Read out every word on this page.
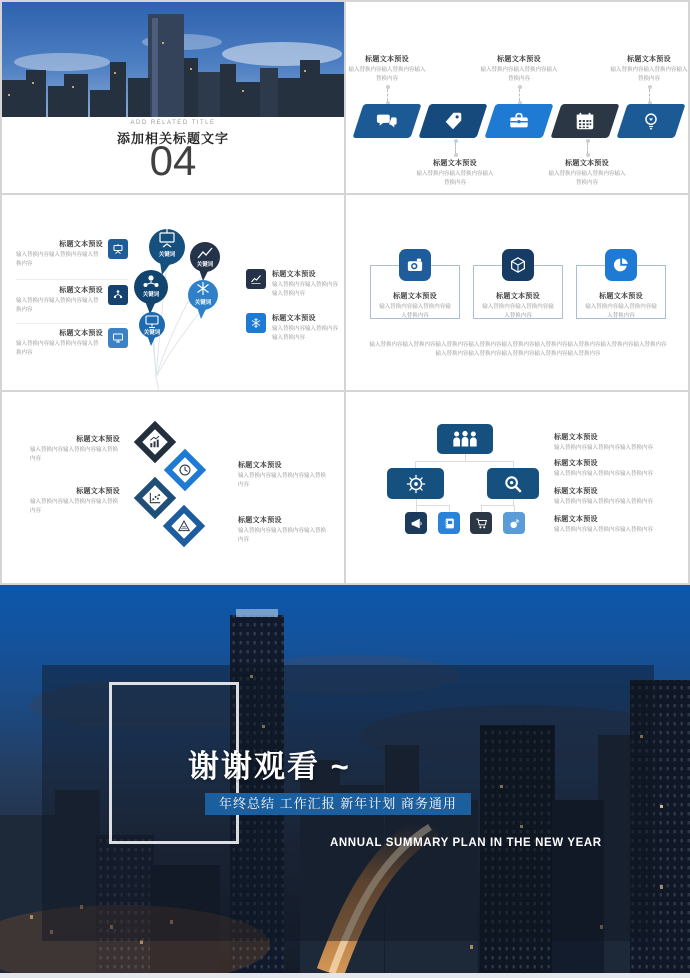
ADD RELATED TITLE
添加相关标题文字
04
标题文本预设
输入替换内容输入替换内容输入替换内容
标题文本预设
输入替换内容输入替换内容输入替换内容
标题文本预设
输入替换内容输入替换内容输入替换内容
标题文本预设
输入替换内容输入替换内容输入替换内容
标题文本预设
输入替换内容输入替换内容输入替换内容
标题文本预设
输入替换内容输入替换内容输入替换内容
标题文本预设
输入替换内容输入替换内容输入替换内容
标题文本预设
输入替换内容输入替换内容输入替换内容
关键词
关键词
关键词
关键词
关键词
标题文本预设
输入替换内容输入替换内容输入替换内容
标题文本预设
输入替换内容输入替换内容输入替换内容
标题文本预设
输入替换内容输入替换内容输入替换内容
标题文本预设
输入替换内容输入替换内容输入替换内容
标题文本预设
输入替换内容输入替换内容输入替换内容
输入替换内容输入替换内容输入替换内容输入替换内容输入替换内容输入替换内容输入替换内容输入替换内容输入替换内容输入替换内容输入替换内容输入替换内容输入替换内容输入替换内容
标题文本预设
输入替换内容输入替换内容输入替换内容
标题文本预设
输入替换内容输入替换内容输入替换内容
标题文本预设
输入替换内容输入替换内容输入替换内容
标题文本预设
输入替换内容输入替换内容输入替换内容
标题文本预设
输入替换内容输入替换内容输入替换内容
标题文本预设
输入替换内容输入替换内容输入替换内容
标题文本预设
输入替换内容输入替换内容输入替换内容
标题文本预设
输入替换内容输入替换内容输入替换内容
谢谢观看 ~
年终总结 工作汇报 新年计划 商务通用
ANNUAL SUMMARY PLAN IN THE NEW YEAR
